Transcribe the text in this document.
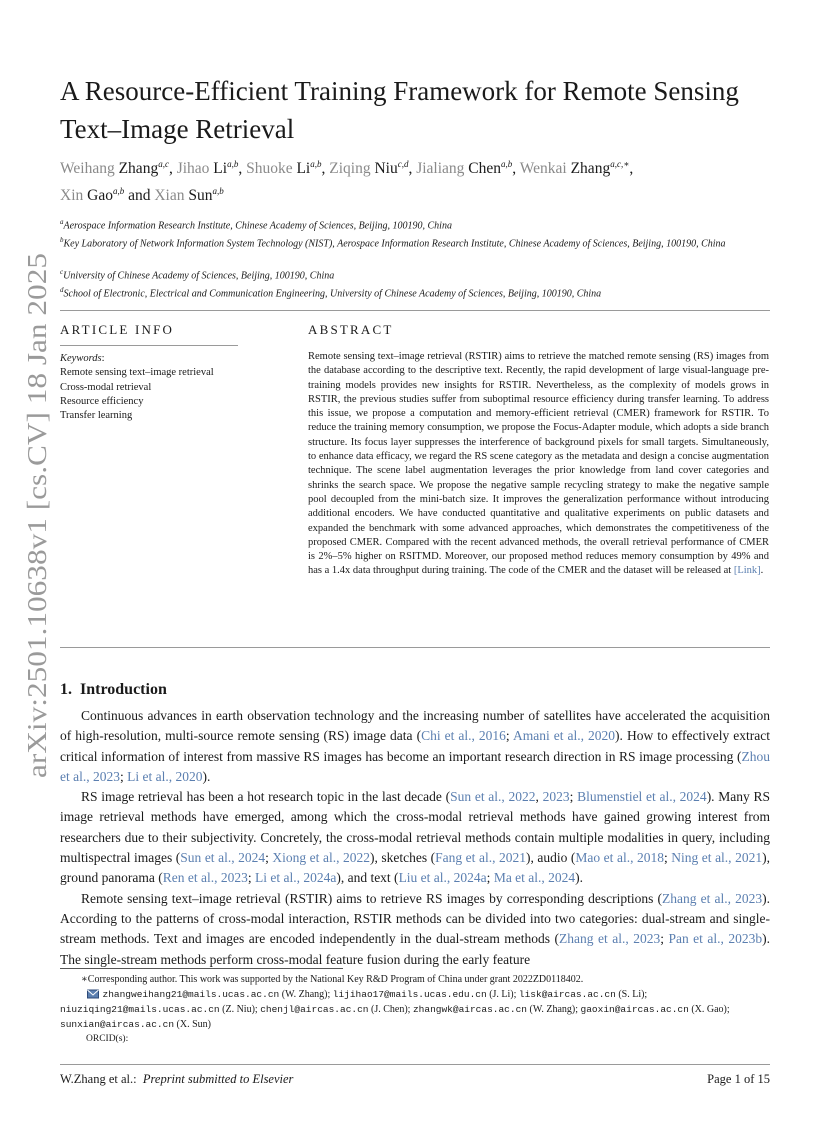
arXiv:2501.10638v1 [cs.CV] 18 Jan 2025
A Resource-Efficient Training Framework for Remote Sensing
Text–Image Retrieval
Weihang Zhang$^{a,c}$, Jihao Li$^{a,b}$, Shuoke Li$^{a,b}$, Ziqing Niu$^{c,d}$, Jialiang Chen$^{a,b}$, Wenkai Zhang$^{a,c,∗}$,
Xin Gao$^{a,b}$ and Xian Sun$^{a,b}$
$^a$Aerospace Information Research Institute, Chinese Academy of Sciences, Beijing, 100190, China
$^b$Key Laboratory of Network Information System Technology (NIST), Aerospace Information Research Institute, Chinese Academy of Sciences, Beijing, 100190, China
$^c$University of Chinese Academy of Sciences, Beijing, 100190, China
$^d$School of Electronic, Electrical and Communication Engineering, University of Chinese Academy of Sciences, Beijing, 100190, China
ARTICLE INFO
Keywords:
Remote sensing text–image retrieval
Cross-modal retrieval
Resource efficiency
Transfer learning
ABSTRACT
Remote sensing text–image retrieval (RSTIR) aims to retrieve the matched remote sensing (RS) images from the database according to the descriptive text. Recently, the rapid development of large visual-language pre-training models provides new insights for RSTIR. Nevertheless, as the complexity of models grows in RSTIR, the previous studies suffer from suboptimal resource efficiency during transfer learning. To address this issue, we propose a computation and memory-efficient retrieval (CMER) framework for RSTIR. To reduce the training memory consumption, we propose the Focus-Adapter module, which adopts a side branch structure. Its focus layer suppresses the interference of background pixels for small targets. Simultaneously, to enhance data efficacy, we regard the RS scene category as the metadata and design a concise augmentation technique. The scene label augmentation leverages the prior knowledge from land cover categories and shrinks the search space. We propose the negative sample recycling strategy to make the negative sample pool decoupled from the mini-batch size. It improves the generalization performance without introducing additional encoders. We have conducted quantitative and qualitative experiments on public datasets and expanded the benchmark with some advanced approaches, which demonstrates the competitiveness of the proposed CMER. Compared with the recent advanced methods, the overall retrieval performance of CMER is 2%–5% higher on RSITMD. Moreover, our proposed method reduces memory consumption by 49% and has a 1.4x data throughput during training. The code of the CMER and the dataset will be released at [Link].
1. Introduction

Continuous advances in earth observation technology and the increasing number of satellites have accelerated the acquisition of high-resolution, multi-source remote sensing (RS) image data (Chi et al., 2016; Amani et al., 2020). How to effectively extract critical information of interest from massive RS images has become an important research direction in RS image processing (Zhou et al., 2023; Li et al., 2020).

RS image retrieval has been a hot research topic in the last decade (Sun et al., 2022, 2023; Blumenstiel et al., 2024). Many RS image retrieval methods have emerged, among which the cross-modal retrieval methods have gained growing interest from researchers due to their subjectivity. Concretely, the cross-modal retrieval methods contain multiple modalities in query, including multispectral images (Sun et al., 2024; Xiong et al., 2022), sketches (Fang et al., 2021), audio (Mao et al., 2018; Ning et al., 2021), ground panorama (Ren et al., 2023; Li et al., 2024a), and text (Liu et al., 2024a; Ma et al., 2024).

Remote sensing text–image retrieval (RSTIR) aims to retrieve RS images by corresponding descriptions (Zhang et al., 2023). According to the patterns of cross-modal interaction, RSTIR methods can be divided into two categories: dual-stream and single-stream methods. Text and images are encoded independently in the dual-stream methods (Zhang et al., 2023; Pan et al., 2023b). The single-stream methods perform cross-modal feature fusion during the early feature

∗Corresponding author. This work was supported by the National Key R&D Program of China under grant 2022ZD0118402.
zhangweihang21@mails.ucas.ac.cn (W. Zhang); lijihao17@mails.ucas.edu.cn (J. Li); lisk@aircas.ac.cn (S. Li); niuziqing21@mails.ucas.ac.cn (Z. Niu); chenjl@aircas.ac.cn (J. Chen); zhangwk@aircas.ac.cn (W. Zhang); gaoxin@aircas.ac.cn (X. Gao); sunxian@aircas.ac.cn (X. Sun)
ORCID(s):
W.Zhang et al.: Preprint submitted to Elsevier	Page 1 of 15
